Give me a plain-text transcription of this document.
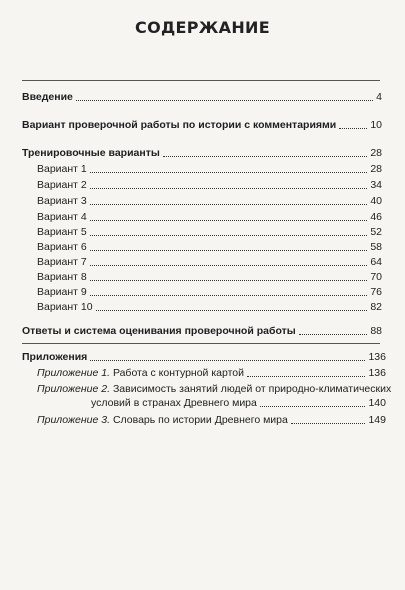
СОДЕРЖАНИЕ
Введение	4
Вариант проверочной работы по истории с комментариями	10
Тренировочные варианты	28
Вариант 1	28
Вариант 2	34
Вариант 3	40
Вариант 4	46
Вариант 5	52
Вариант 6	58
Вариант 7	64
Вариант 8	70
Вариант 9	76
Вариант 10	82
Ответы и система оценивания проверочной работы	88
Приложения	136
Приложение 1. Работа с контурной картой	136
Приложение 2. Зависимость занятий людей от природно-климатических
условий в странах Древнего мира	140
Приложение 3. Словарь по истории Древнего мира	149
